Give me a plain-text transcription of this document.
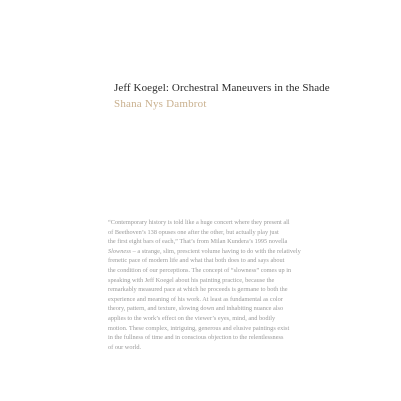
Jeff Koegel: Orchestral Maneuvers in the Shade
Shana Nys Dambrot

“Contemporary history is told like a huge concert where they present all
of Beethoven’s 138 opuses one after the other, but actually play just
the first eight bars of each,” That’s from Milan Kundera’s 1995 novella
Slowness – a strange, slim, prescient volume having to do with the relatively
frenetic pace of modern life and what that both does to and says about
the condition of our perceptions. The concept of “slowness” comes up in
speaking with Jeff Koegel about his painting practice, because the
remarkably measured pace at which he proceeds is germane to both the
experience and meaning of his work. At least as fundamental as color
theory, pattern, and texture, slowing down and inhabiting nuance also
applies to the work’s effect on the viewer’s eyes, mind, and bodily
motion. These complex, intriguing, generous and elusive paintings exist
in the fullness of time and in conscious objection to the relentlessness
of our world.
